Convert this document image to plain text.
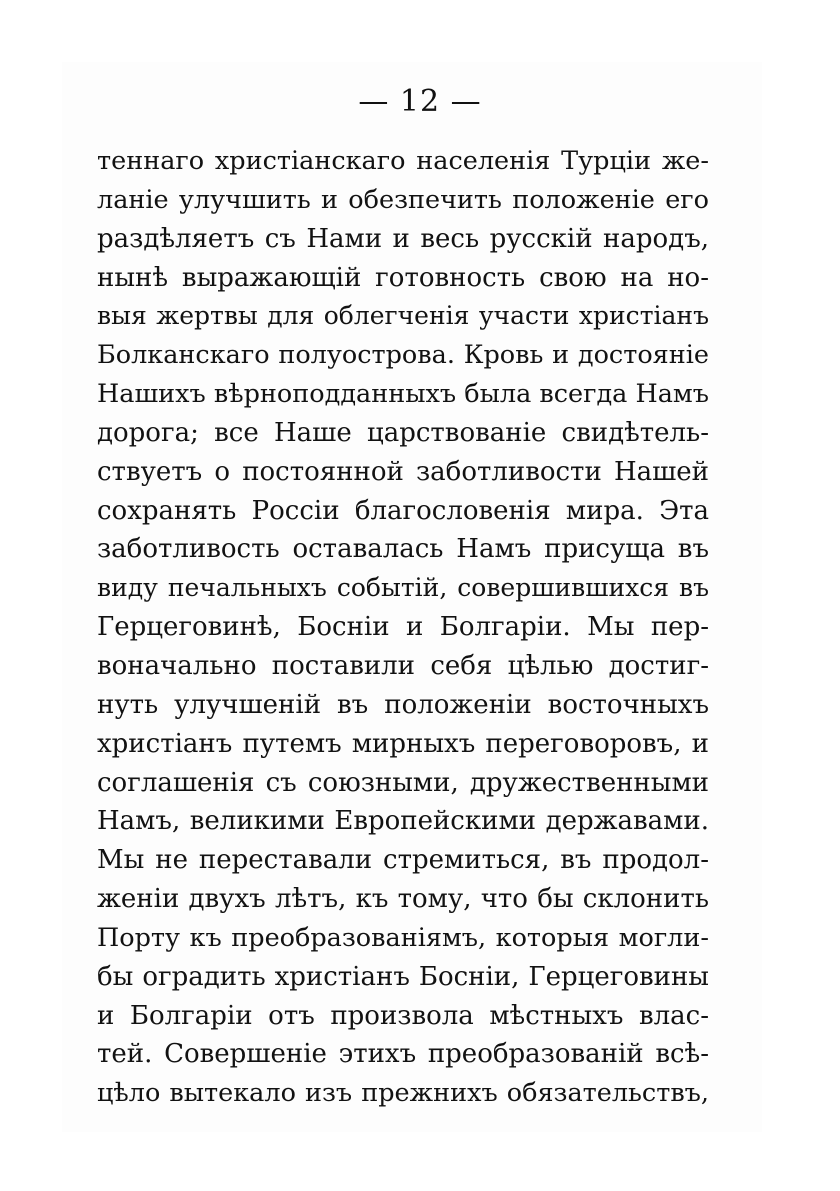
— 12 —
теннаго христіанскаго населенія Турціи же-
ланіе улучшить и обезпечить положеніе его
раздѣляетъ съ Нами и весь русскій народъ,
нынѣ выражающій готовность свою на но-
выя жертвы для облегченія участи христіанъ
Болканскаго полуострова. Кровь и достояніе
Нашихъ вѣрноподданныхъ была всегда Намъ
дорога; все Наше царствованіе свидѣтель-
ствуетъ о постоянной заботливости Нашей
сохранять Россіи благословенія мира. Эта
заботливость оставалась Намъ присуща въ
виду печальныхъ событій, совершившихся въ
Герцеговинѣ, Босніи и Болгаріи. Мы пер-
воначально поставили себя цѣлью достиг-
нуть улучшеній въ положеніи восточныхъ
христіанъ путемъ мирныхъ переговоровъ, и
соглашенія съ союзными, дружественными
Намъ, великими Европейскими державами.
Мы не переставали стремиться, въ продол-
женіи двухъ лѣтъ, къ тому, что бы склонить
Порту къ преобразованіямъ, которыя могли-
бы оградить христіанъ Босніи, Герцеговины
и Болгаріи отъ произвола мѣстныхъ влас-
тей. Совершеніе этихъ преобразованій всѣ-
цѣло вытекало изъ прежнихъ обязательствъ,
